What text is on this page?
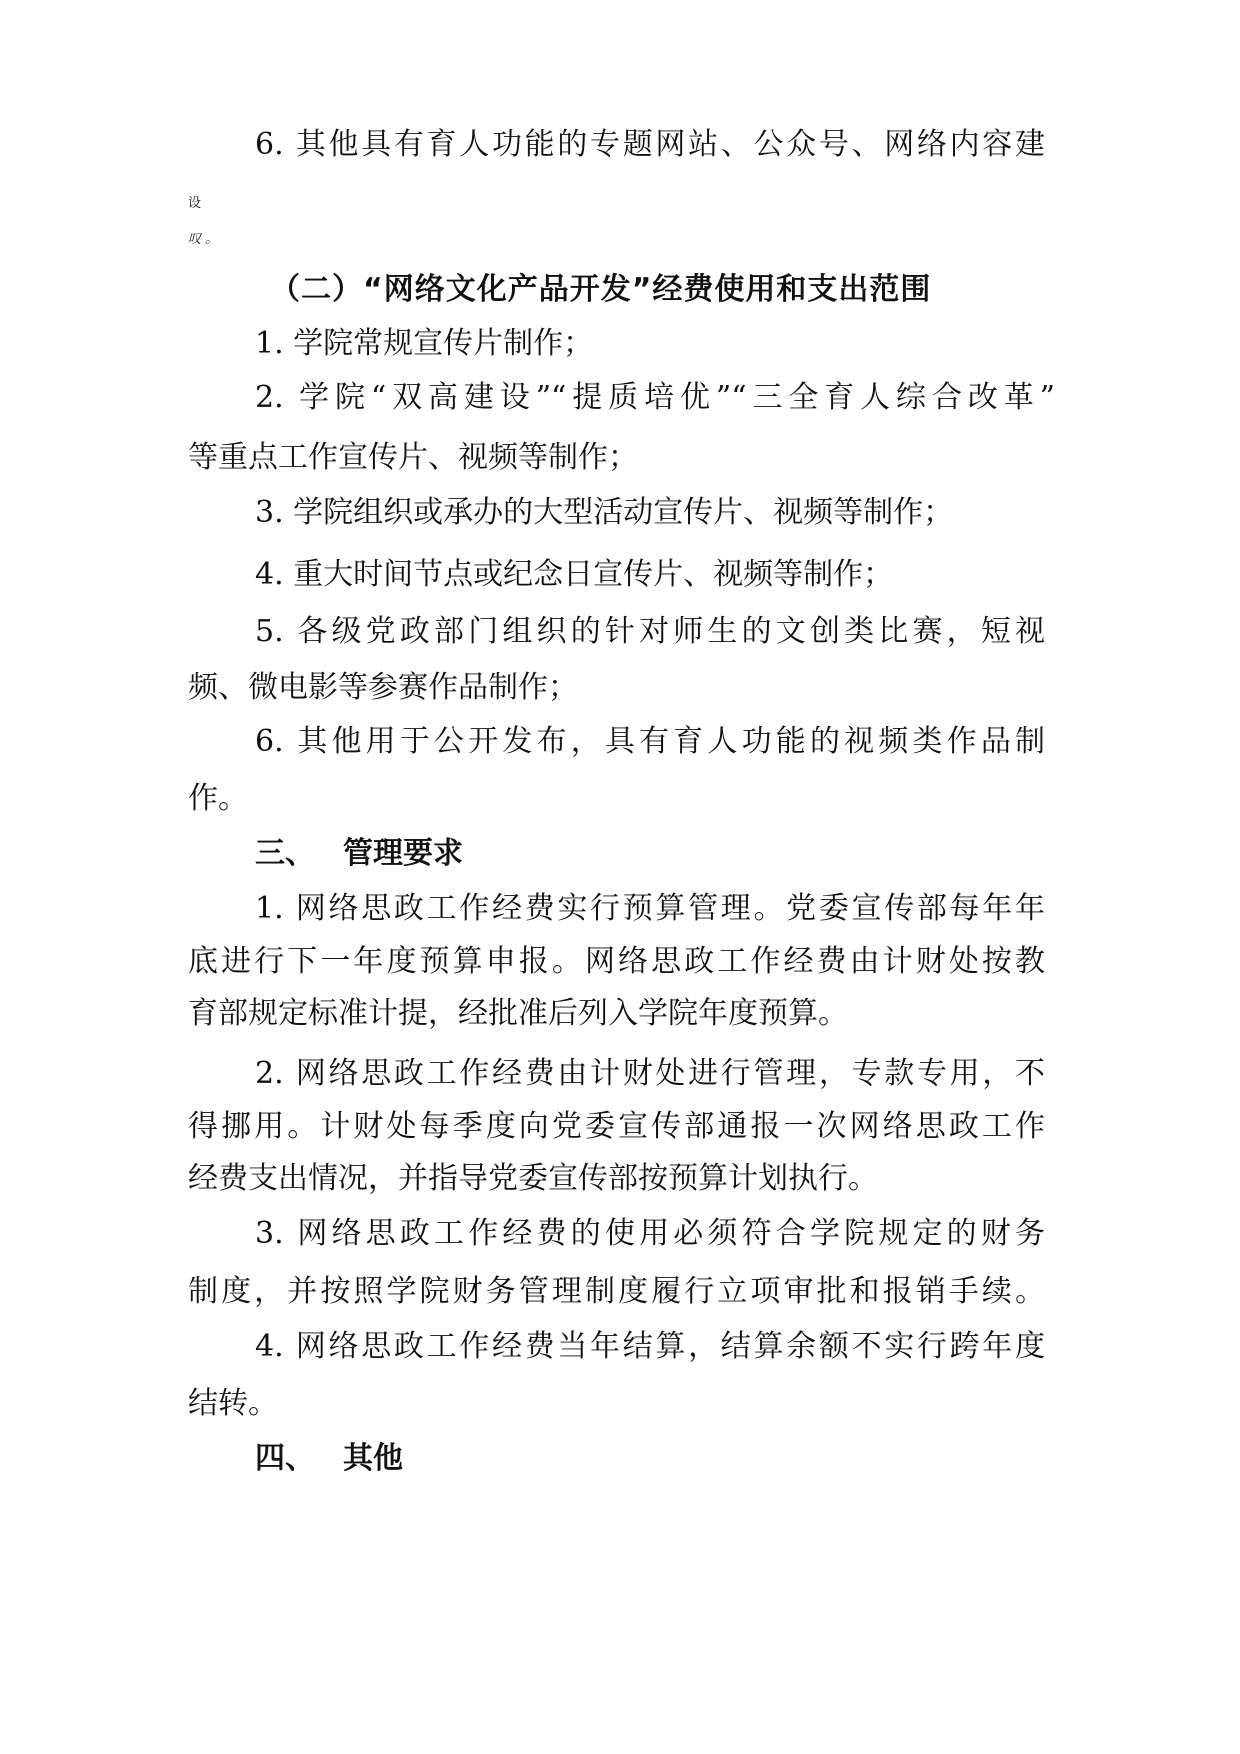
6. 其他具有育人功能的专题网站、公众号、网络内容建
设
叹 。
（二）“网络文化产品开发”经费使用和支出范围
1. 学院常规宣传片制作；
2. 学院“双高建设”“提质培优”“三全育人综合改革”
等重点工作宣传片、视频等制作；
3. 学院组织或承办的大型活动宣传片、视频等制作；
4. 重大时间节点或纪念日宣传片、视频等制作；
5. 各级党政部门组织的针对师生的文创类比赛，短视
频、微电影等参赛作品制作；
6. 其他用于公开发布，具有育人功能的视频类作品制
作。
三、 管理要求
1. 网络思政工作经费实行预算管理。党委宣传部每年年
底进行下一年度预算申报。网络思政工作经费由计财处按教
育部规定标准计提，经批准后列入学院年度预算。
2. 网络思政工作经费由计财处进行管理，专款专用，不
得挪用。计财处每季度向党委宣传部通报一次网络思政工作
经费支出情况，并指导党委宣传部按预算计划执行。
3. 网络思政工作经费的使用必须符合学院规定的财务
制度，并按照学院财务管理制度履行立项审批和报销手续。
4. 网络思政工作经费当年结算，结算余额不实行跨年度
结转。
四、 其他
